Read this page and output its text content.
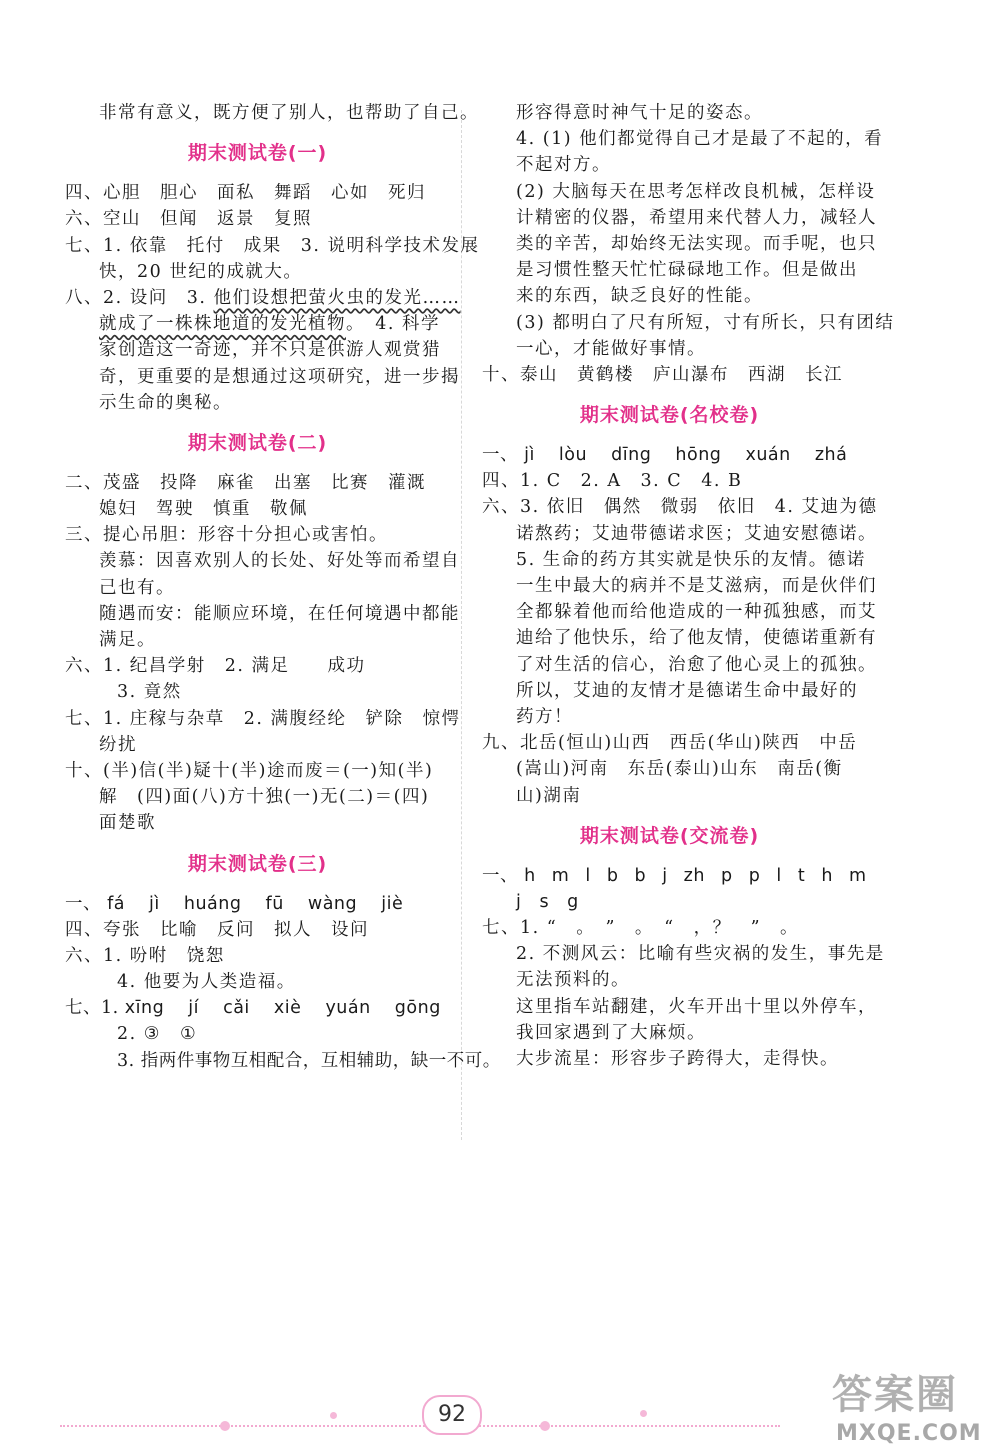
非常有意义，既方便了别人，也帮助了自己。
期末测试卷(一)
四、心胆　胆心　面私　舞蹈　心如　死归
六、空山　但闻　返景　复照
七、1. 依靠　托付　成果　3. 说明科学技术发展
快，20 世纪的成就大。
八、2. 设问　3. 他们设想把萤火虫的发光……
就成了一株株地道的发光植物。　4. 科学
家创造这一奇迹，并不只是供游人观赏猎
奇，更重要的是想通过这项研究，进一步揭
示生命的奥秘。
期末测试卷(二)
二、茂盛　投降　麻雀　出塞　比赛　灌溉
媳妇　驾驶　慎重　敬佩
三、提心吊胆：形容十分担心或害怕。
羡慕：因喜欢别人的长处、好处等而希望自
己也有。
随遇而安：能顺应环境，在任何境遇中都能
满足。
六、1. 纪昌学射　2. 满足　　成功
3. 竟然
七、1. 庄稼与杂草　2. 满腹经纶　铲除　惊愕
纷扰
十、(半)信(半)疑十(半)途而废＝(一)知(半)
解　(四)面(八)方十独(一)无(二)＝(四)
面楚歌
期末测试卷(三)
一、 fá jì huáng fū wàng jiè
四、夸张　比喻　反问　拟人　设问
六、1. 吩咐　饶恕
4. 他要为人类造福。
七、1. xīng jí cǎi xiè yuán gōng
2. ③　①
3. 指两件事物互相配合，互相辅助，缺一不可。
形容得意时神气十足的姿态。
4. (1) 他们都觉得自己才是最了不起的，看
不起对方。
(2) 大脑每天在思考怎样改良机械，怎样设
计精密的仪器，希望用来代替人力，减轻人
类的辛苦，却始终无法实现。而手呢，也只
是习惯性整天忙忙碌碌地工作。但是做出
来的东西，缺乏良好的性能。
(3) 都明白了尺有所短，寸有所长，只有团结
一心，才能做好事情。
十、泰山　黄鹤楼　庐山瀑布　西湖　长江
期末测试卷(名校卷)
一、 jì lòu dīng hōng xuán zhá
四、1. C　2. A　3. C　4. B
六、3. 依旧　偶然　微弱　依旧　4. 艾迪为德
诺熬药；艾迪带德诺求医；艾迪安慰德诺。
5. 生命的药方其实就是快乐的友情。德诺
一生中最大的病并不是艾滋病，而是伙伴们
全都躲着他而给他造成的一种孤独感，而艾
迪给了他快乐，给了他友情，使德诺重新有
了对生活的信心，治愈了他心灵上的孤独。
所以，艾迪的友情才是德诺生命中最好的
药方！
九、北岳(恒山)山西　西岳(华山)陕西　中岳
(嵩山)河南　东岳(泰山)山东　南岳(衡
山)湖南
期末测试卷(交流卷)
一、 h m l b b j zh p p l t h m
j s g
七、1. “　。　”　。　“　，？　”　。
2. 不测风云：比喻有些灾祸的发生，事先是
无法预料的。
这里指车站翻建，火车开出十里以外停车，
我回家遇到了大麻烦。
大步流星：形容步子跨得大，走得快。
92	答案圈
MXQE.COM
